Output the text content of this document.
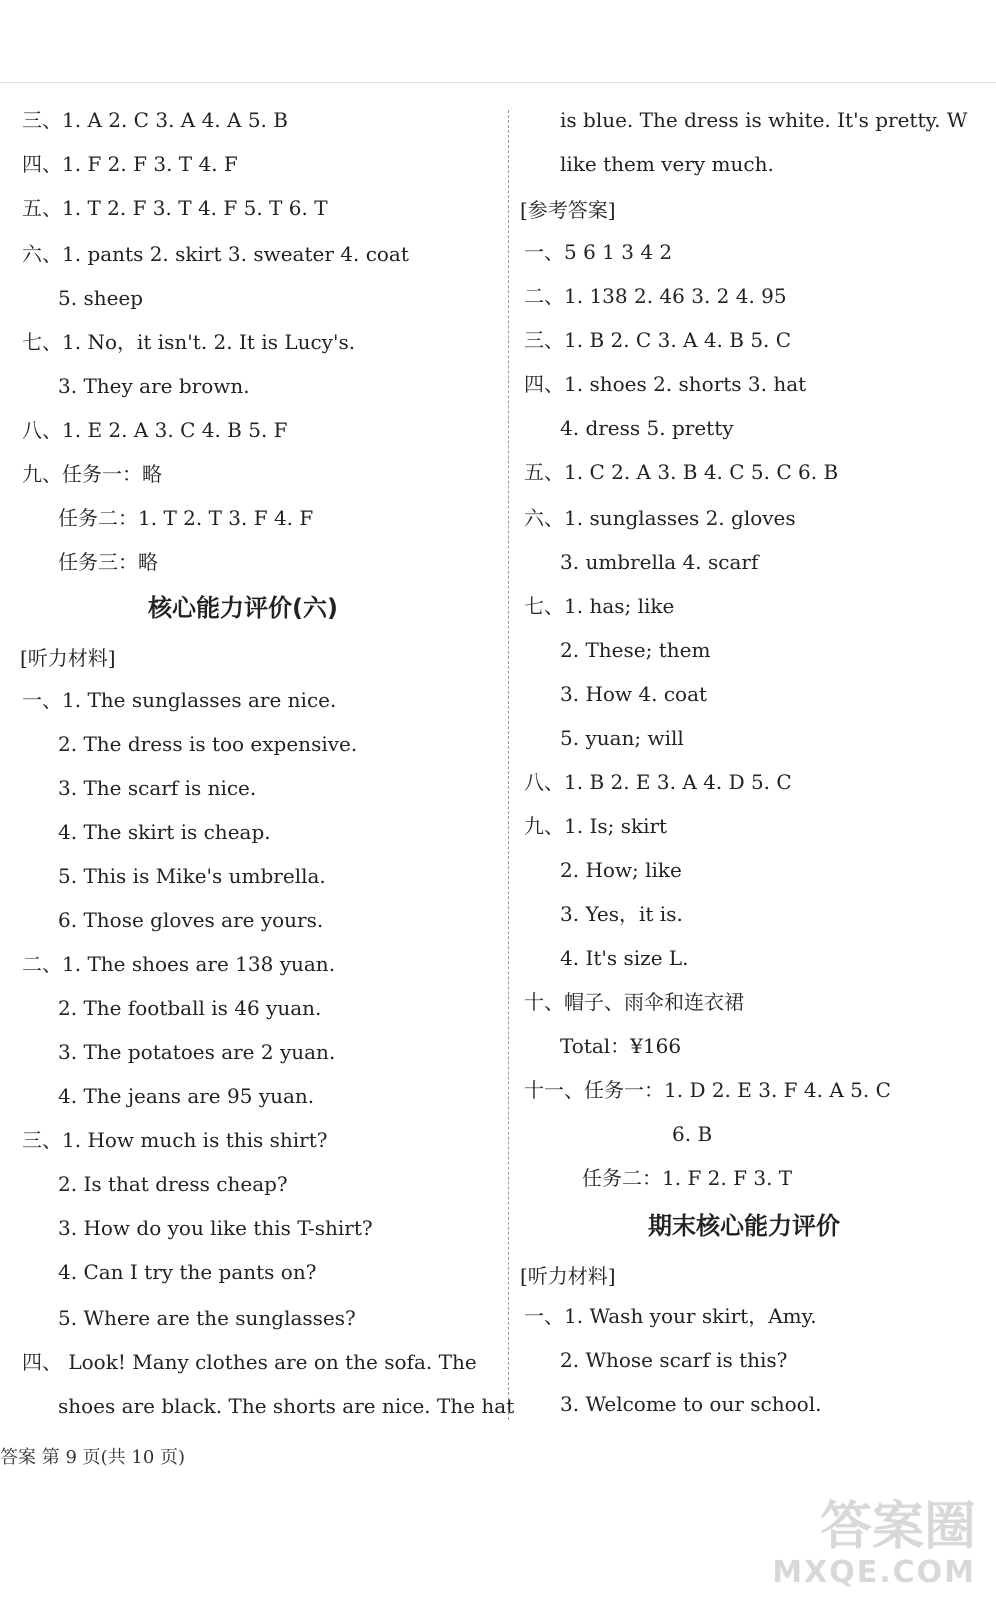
三、1. A 2. C 3. A 4. A 5. B
四、1. F 2. F 3. T 4. F
五、1. T 2. F 3. T 4. F 5. T 6. T
六、1. pants 2. skirt 3. sweater 4. coat
5. sheep
七、1. No，it isn't. 2. It is Lucy's.
3. They are brown.
八、1. E 2. A 3. C 4. B 5. F
九、任务一：略
任务二：1. T 2. T 3. F 4. F
任务三：略
核心能力评价(六)
[听力材料]
一、1. The sunglasses are nice.
2. The dress is too expensive.
3. The scarf is nice.
4. The skirt is cheap.
5. This is Mike's umbrella.
6. Those gloves are yours.
二、1. The shoes are 138 yuan.
2. The football is 46 yuan.
3. The potatoes are 2 yuan.
4. The jeans are 95 yuan.
三、1. How much is this shirt?
2. Is that dress cheap?
3. How do you like this T-shirt?
4. Can I try the pants on?
5. Where are the sunglasses?
四、 Look! Many clothes are on the sofa. The
shoes are black. The shorts are nice. The hat
is blue. The dress is white. It's pretty. W
like them very much.
[参考答案]
一、5 6 1 3 4 2
二、1. 138 2. 46 3. 2 4. 95
三、1. B 2. C 3. A 4. B 5. C
四、1. shoes 2. shorts 3. hat
4. dress 5. pretty
五、1. C 2. A 3. B 4. C 5. C 6. B
六、1. sunglasses 2. gloves
3. umbrella 4. scarf
七、1. has; like
2. These; them
3. How 4. coat
5. yuan; will
八、1. B 2. E 3. A 4. D 5. C
九、1. Is; skirt
2. How; like
3. Yes，it is.
4. It's size L.
十、帽子、雨伞和连衣裙
Total：¥166
十一、任务一：1. D 2. E 3. F 4. A 5. C
6. B
任务二：1. F 2. F 3. T
期末核心能力评价
[听力材料]
一、1. Wash your skirt，Amy.
2. Whose scarf is this?
3. Welcome to our school.
答案 第 9 页(共 10 页)
答案圈
MXQE.COM
